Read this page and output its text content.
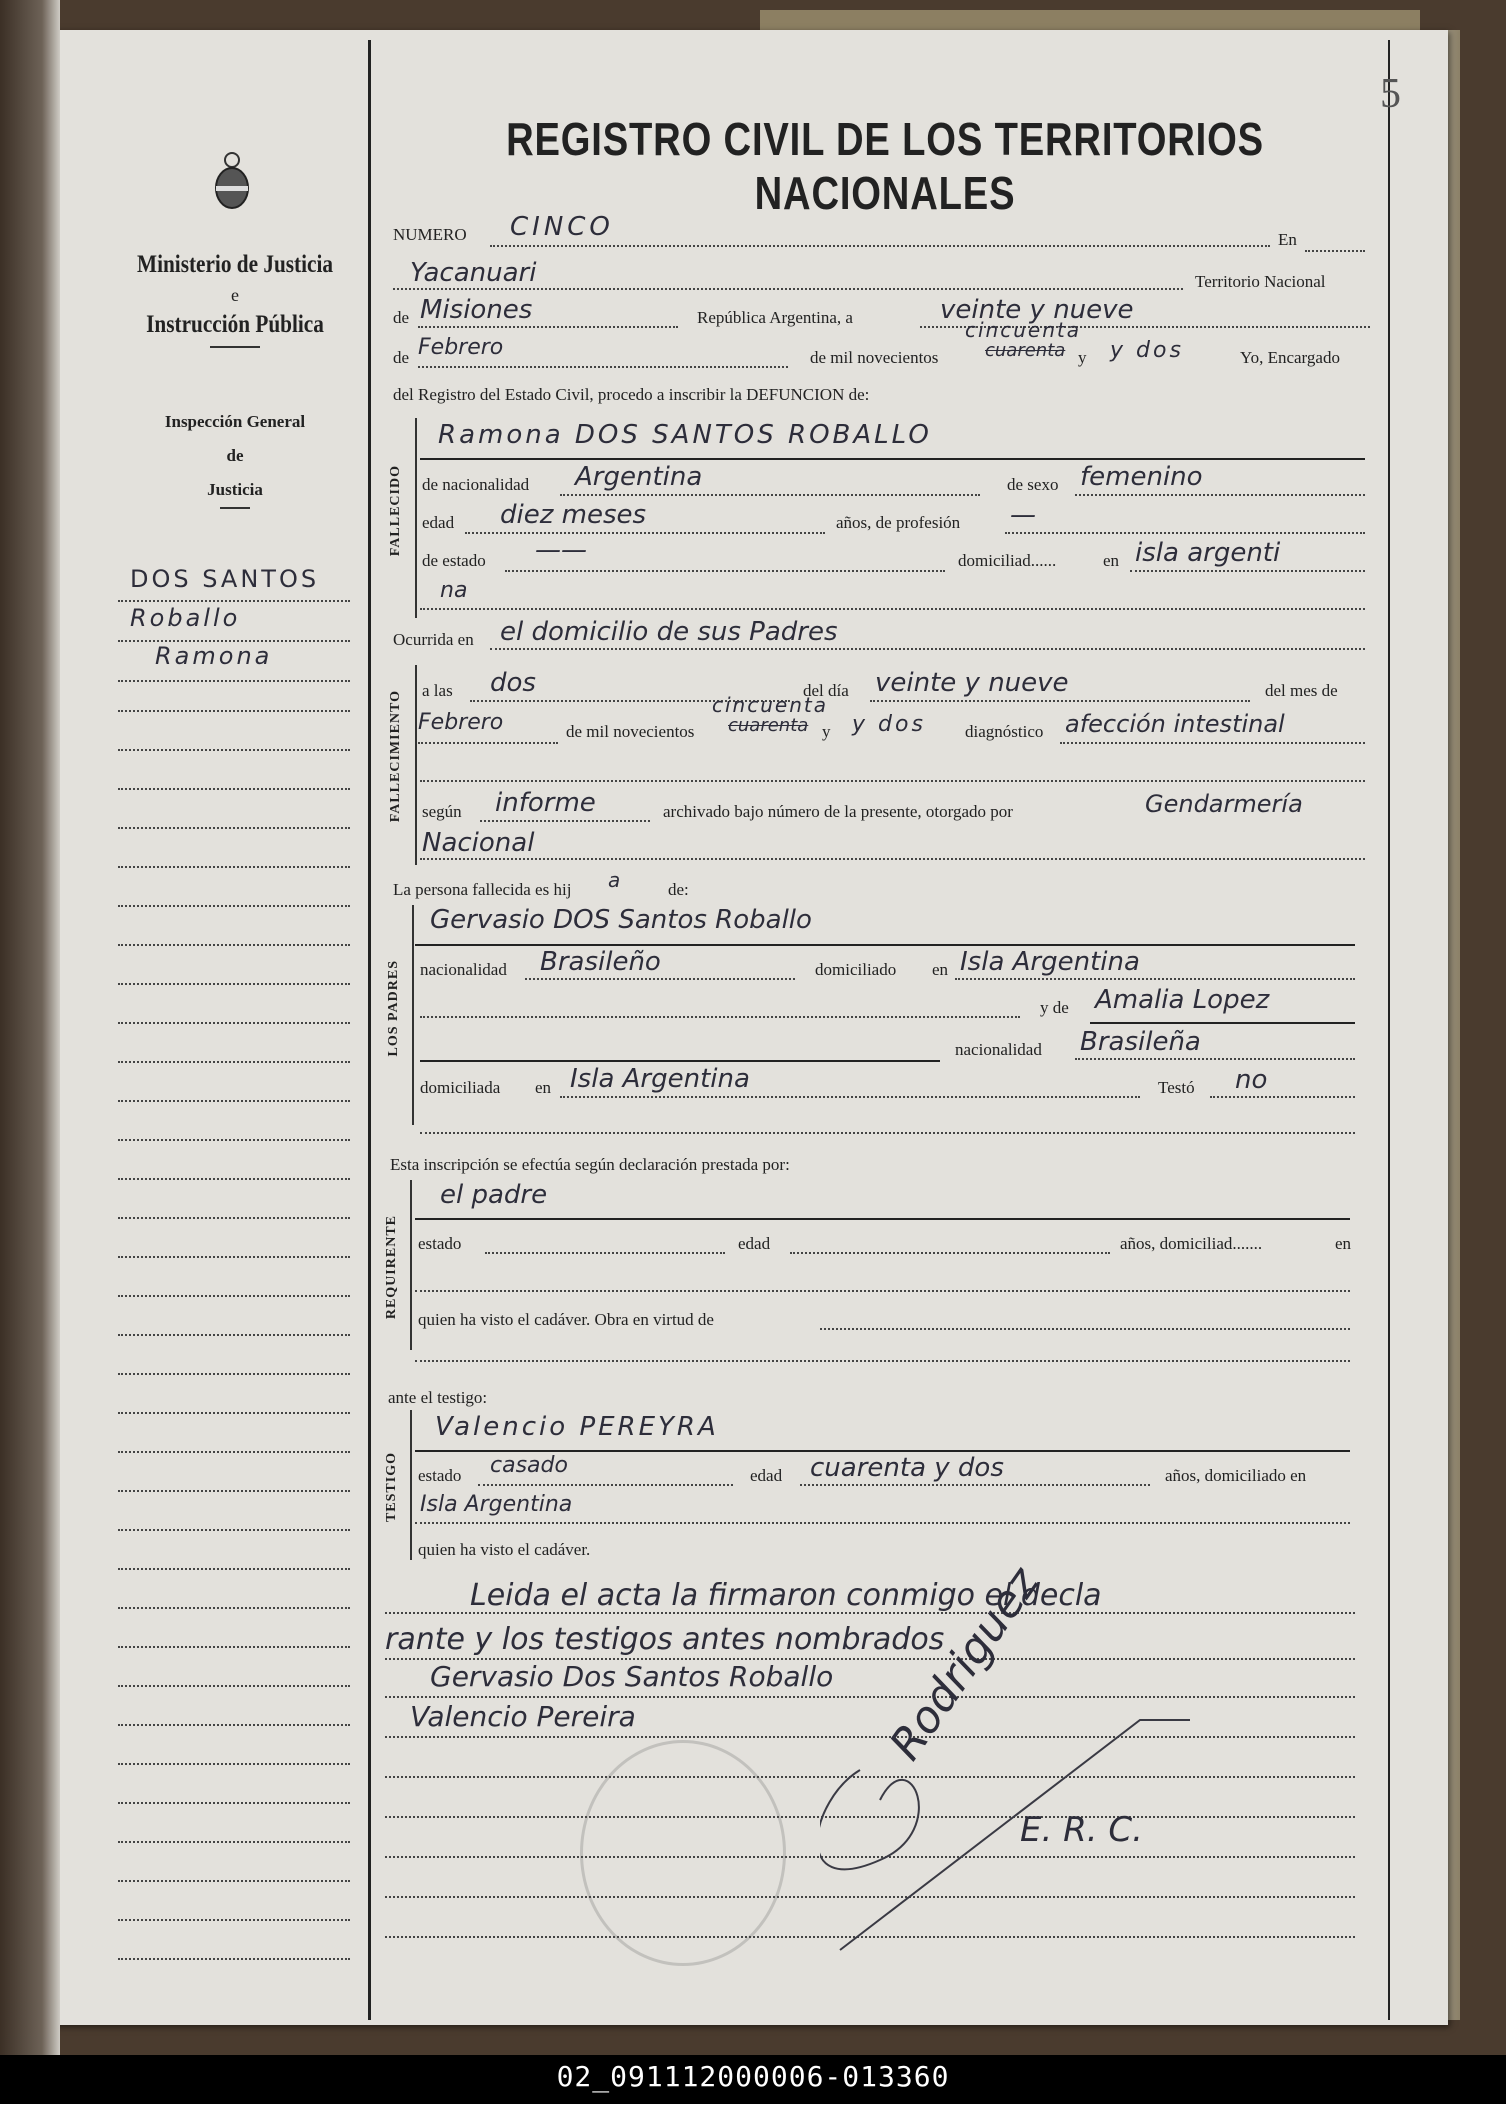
5
REGISTRO CIVIL DE LOS TERRITORIOS NACIONALES
Ministerio de Justicia
e
Instrucción Pública
Inspección General
de
Justicia
DOS SANTOS
Roballo
Ramona
NUMERO CINCO	En
Yacanuari	Territorio Nacional
de Misiones	República Argentina, a	veinte y nueve
de Febrero	de mil novecientos
cincuenta
cuarenta y y dos	Yo, Encargado
del Registro del Estado Civil, procedo a inscribir la DEFUNCION de:
FALLECIDO
Ramona DOS SANTOS ROBALLO
de nacionalidad Argentina	de sexo femenino
edad diez meses	años, de profesión —
de estado ——	domiciliad......	en isla argenti
na
Ocurrida en el domicilio de sus Padres
FALLECIMIENTO a las dos	del día veinte y nueve	del mes de
Febrero	de mil novecientos
cincuenta
cuarenta y y dos diagnóstico afección intestinal
según informe	archivado bajo número de la presente, otorgado por	Gendarmería
Nacional
La persona fallecida es hij a	de:
LOS PADRES
Gervasio DOS Santos Roballo
nacionalidad Brasileño	domiciliado en Isla Argentina
y de Amalia Lopez
nacionalidad Brasileña
domiciliada en Isla Argentina	Testó no
Esta inscripción se efectúa según declaración prestada por:
REQUIRENTE
el padre
estado	edad	años, domicilia​d.......	en
quien ha visto el cadáver. Obra en virtud de
ante el testigo:
TESTIGO
Valencio PEREYRA
estado casado	edad cuarenta y dos	años, domiciliado en
Isla Argentina
quien ha visto el cadáver.
Leida el acta la firmaron conmigo el decla
rante y los testigos antes nombrados
Gervasio Dos Santos Roballo
Valencio Pereira	Rodriguez
E. R. C.
02_091112000006-013360
